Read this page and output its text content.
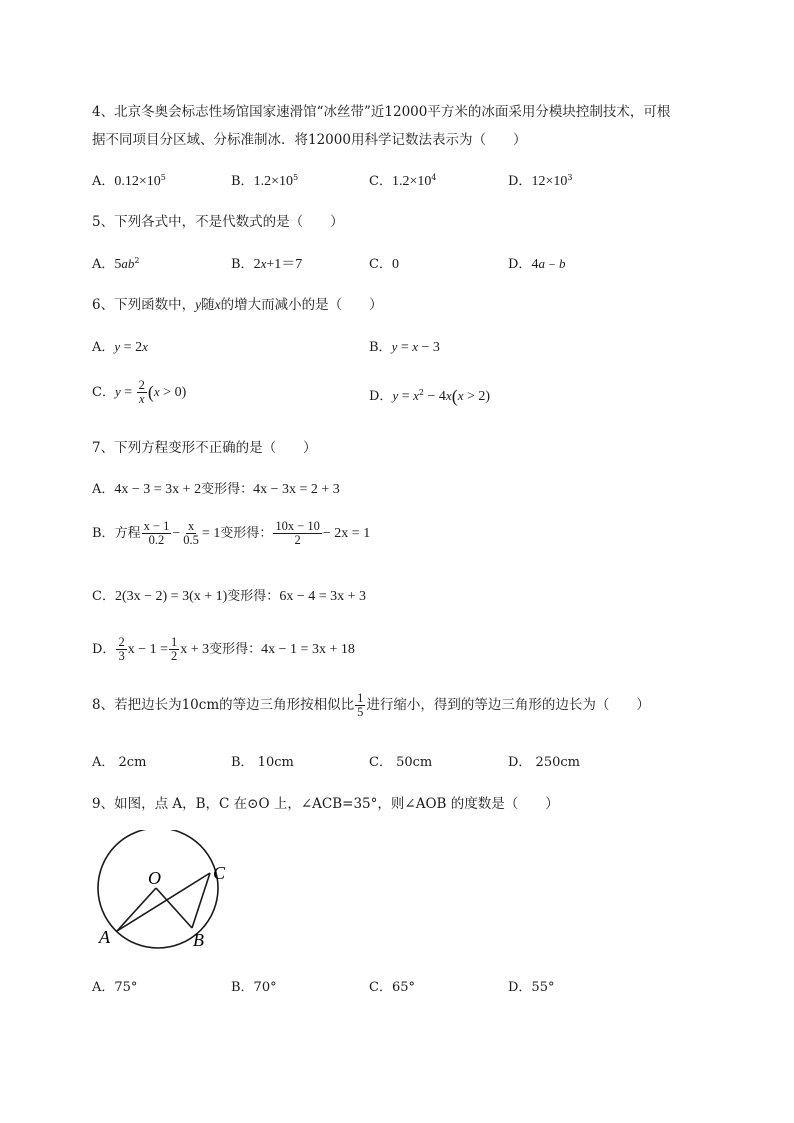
4、北京冬奥会标志性场馆国家速滑馆“冰丝带”近12000平方米的冰面采用分模块控制技术，可根
据不同项目分区域、分标准制冰．将12000用科学记数法表示为（　　）
A．$0.12\times 10^5$	B．$1.2\times 10^5$	C．$1.2\times 10^4$	D．$12\times 10^3$
5、下列各式中，不是代数式的是（　　）
A．$5ab^2$	B．2x+1＝7	C．0	D．4a﹣b
6、下列函数中，y随x的增大而减小的是（　　）
A．y = 2x	B．y = x − 3
C．$y = \frac{2}{x} (x > 0)$	D．$y = x^2 - 4x(x > 2)$
7、下列方程变形不正确的是（　　）
A．4x − 3 = 3x + 2变形得：4x − 3x = 2 + 3
B．方程 $\frac{x - 1}{0.2} - \frac{x}{0.5} = 1$变形得： $\frac{10x - 10}{2} - 2x = 1$
C．2(3x − 2) = 3(x + 1)变形得：6x − 4 = 3x + 3
D． $\frac{2}{3}$ $x - 1 = \frac{1}{2}$ x + 3变形得：4x − 1 = 3x + 18
8、若把边长为10cm的等边三角形按相似比 $\frac{1}{5}$ 进行缩小，得到的等边三角形的边长为（　　）
A． 2cm	B． 10cm	C． 50cm	D． 250cm
9、如图，点 A，B，C 在⊙O 上，∠ACB=35°，则∠AOB 的度数是（　　）
O
A	B
C
A．75°	B．70°	C．65°	D．55°
